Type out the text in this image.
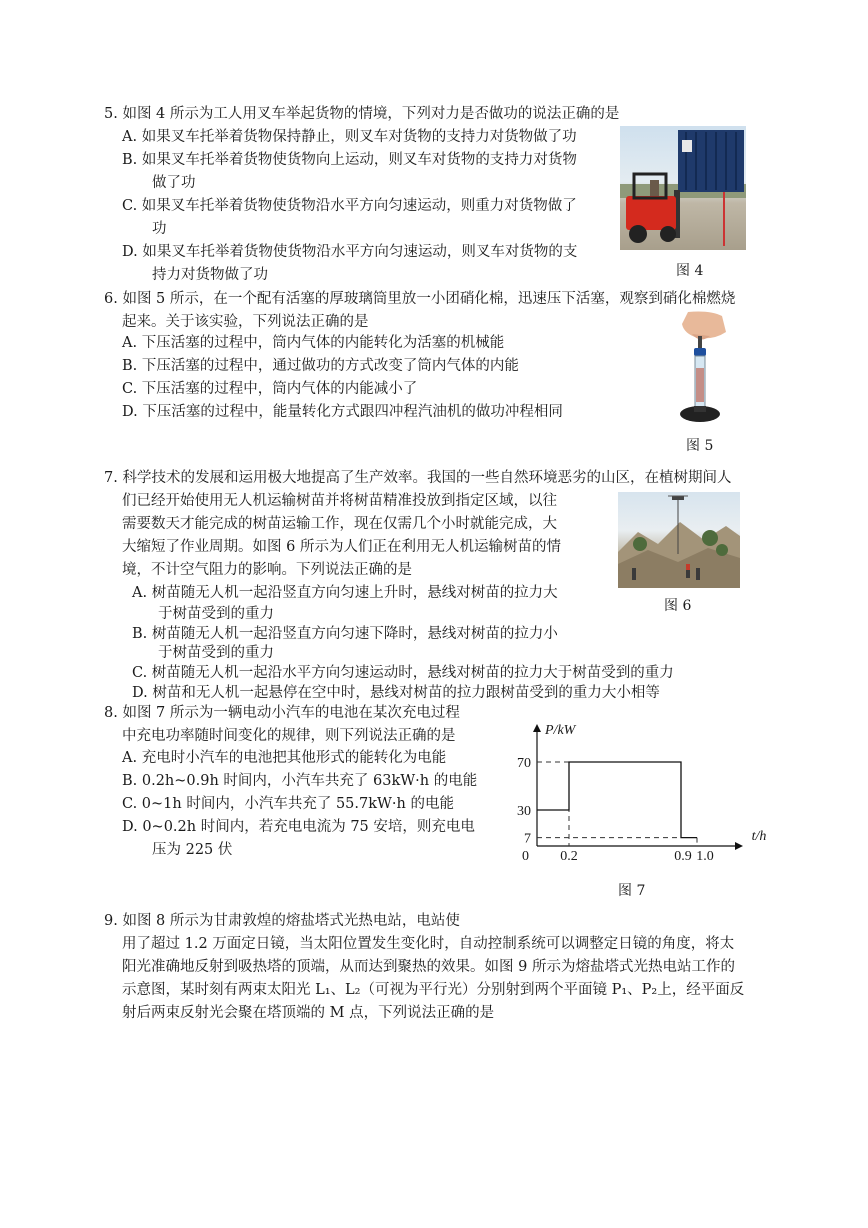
5. 如图 4 所示为工人用叉车举起货物的情境，下列对力是否做功的说法正确的是
A. 如果叉车托举着货物保持静止，则叉车对货物的支持力对货物做了功
B. 如果叉车托举着货物使货物向上运动，则叉车对货物的支持力对货物
做了功
C. 如果叉车托举着货物使货物沿水平方向匀速运动，则重力对货物做了
功
D. 如果叉车托举着货物使货物沿水平方向匀速运动，则叉车对货物的支
持力对货物做了功	图 4
6. 如图 5 所示，在一个配有活塞的厚玻璃筒里放一小团硝化棉，迅速压下活塞，观察到硝化棉燃烧
起来。关于该实验，下列说法正确的是
A. 下压活塞的过程中，筒内气体的内能转化为活塞的机械能
B. 下压活塞的过程中，通过做功的方式改变了筒内气体的内能
C. 下压活塞的过程中，筒内气体的内能减小了
D. 下压活塞的过程中，能量转化方式跟四冲程汽油机的做功冲程相同
图 5
7. 科学技术的发展和运用极大地提高了生产效率。我国的一些自然环境恶劣的山区，在植树期间人
们已经开始使用无人机运输树苗并将树苗精准投放到指定区域，以往
需要数天才能完成的树苗运输工作，现在仅需几个小时就能完成，大
大缩短了作业周期。如图 6 所示为人们正在利用无人机运输树苗的情
境，不计空气阻力的影响。下列说法正确的是
A. 树苗随无人机一起沿竖直方向匀速上升时，悬线对树苗的拉力大
于树苗受到的重力
B. 树苗随无人机一起沿竖直方向匀速下降时，悬线对树苗的拉力小
于树苗受到的重力
C. 树苗随无人机一起沿水平方向匀速运动时，悬线对树苗的拉力大于树苗受到的重力
D. 树苗和无人机一起悬停在空中时，悬线对树苗的拉力跟树苗受到的重力大小相等
图 6
8. 如图 7 所示为一辆电动小汽车的电池在某次充电过程
中充电功率随时间变化的规律，则下列说法正确的是
A. 充电时小汽车的电池把其他形式的能转化为电能
B. 0.2h~0.9h 时间内，小汽车共充了 63kW·h 的电能
C. 0~1h 时间内，小汽车共充了 55.7kW·h 的电能
D. 0~0.2h 时间内，若充电电流为 75 安培，则充电电
压为 225 伏	0 0.2	0.9 1.0
30
70
7
P/kW
t/h
图 7
9. 如图 8 所示为甘肃敦煌的熔盐塔式光热电站，电站使
用了超过 1.2 万面定日镜，当太阳位置发生变化时，自动控制系统可以调整定日镜的角度，将太
阳光准确地反射到吸热塔的顶端，从而达到聚热的效果。如图 9 所示为熔盐塔式光热电站工作的
示意图，某时刻有两束太阳光 L₁、L₂（可视为平行光）分别射到两个平面镜 P₁、P₂上，经平面反
射后两束反射光会聚在塔顶端的 M 点，下列说法正确的是
